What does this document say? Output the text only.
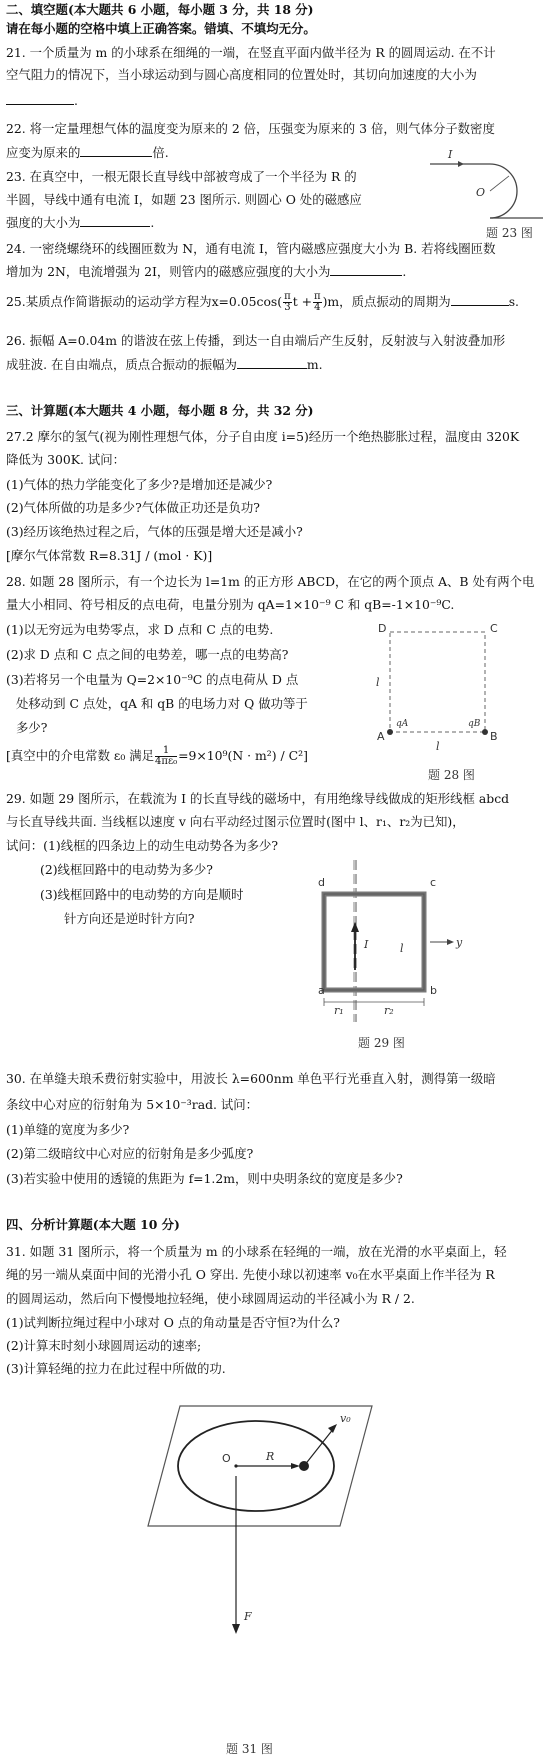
二、填空题(本大题共 6 小题，每小题 3 分，共 18 分)
请在每小题的空格中填上正确答案。错填、不填均无分。
21. 一个质量为 m 的小球系在细绳的一端，在竖直平面内做半径为 R 的圆周运动. 在不计
空气阻力的情况下，当小球运动到与圆心高度相同的位置处时，其切向加速度的大小为
.
22. 将一定量理想气体的温度变为原来的 2 倍，压强变为原来的 3 倍，则气体分子数密度
应变为原来的	倍.
23. 在真空中，一根无限长直导线中部被弯成了一个半径为 R 的
半圆，导线中通有电流 I，如题 23 图所示. 则圆心 O 处的磁感应
强度的大小为	.
I
O
题 23 图
24. 一密绕螺绕环的线圈匝数为 N，通有电流 I，管内磁感应强度大小为 B. 若将线圈匝数
增加为 2N，电流增强为 2I，则管内的磁感应强度的大小为	.
25.某质点作简谐振动的运动学方程为$x=0.05\cos( \frac{\pi}{3}$ $t + \frac{\pi}{4} )m$，质点振动的周期为	s.
26. 振幅 A=0.04m 的谐波在弦上传播，到达一自由端后产生反射，反射波与入射波叠加形
成驻波. 在自由端点，质点合振动的振幅为	m.
三、计算题(本大题共 4 小题，每小题 8 分，共 32 分)
27.2 摩尔的氢气(视为刚性理想气体，分子自由度 i=5)经历一个绝热膨胀过程，温度由 320K
降低为 300K. 试问：
(1)气体的热力学能变化了多少?是增加还是减少?
(2)气体所做的功是多少?气体做正功还是负功?
(3)经历该绝热过程之后，气体的压强是增大还是减小?
[摩尔气体常数 R=8.31J / (mol · K)]
28. 如题 28 图所示，有一个边长为 l=1m 的正方形 ABCD，在它的两个顶点 A、B 处有两个电
量大小相同、符号相反的点电荷，电量分别为 qA=1×10⁻⁹ C 和 qB=-1×10⁻⁹C.
(1)以无穷远为电势零点，求 D 点和 C 点的电势.
(2)求 D 点和 C 点之间的电势差，哪一点的电势高?
(3)若将另一个电量为 Q=2×10⁻⁹C 的点电荷从 D 点
处移动到 C 点处，qA 和 qB 的电场力对 Q 做功等于
多少?
[真空中的介电常数 ε₀ 满足 $\frac{1}{\text{4πε₀}} =9\times 10^9(N \cdot m^2) / C^2$]
D	C
A	B
l
l
qA	qB
题 28 图
29. 如题 29 图所示，在载流为 I 的长直导线的磁场中，有用绝缘导线做成的矩形线框 abcd
与长直导线共面. 当线框以速度 v 向右平动经过图示位置时(图中 l、r₁、r₂为已知)，
试问：(1)线框的四条边上的动生电动势各为多少?
(2)线框回路中的电动势为多少?
(3)线框回路中的电动势的方向是顺时
针方向还是逆时针方向?
d	c
a	b
I	l	y
r₁	r₂
题 29 图
30. 在单缝夫琅禾费衍射实验中，用波长 λ=600nm 单色平行光垂直入射，测得第一级暗
条纹中心对应的衍射角为 5×10⁻³rad. 试问：
(1)单缝的宽度为多少?
(2)第二级暗纹中心对应的衍射角是多少弧度?
(3)若实验中使用的透镜的焦距为 f=1.2m，则中央明条纹的宽度是多少?
四、分析计算题(本大题 10 分)
31. 如题 31 图所示，将一个质量为 m 的小球系在轻绳的一端，放在光滑的水平桌面上，轻
绳的另一端从桌面中间的光滑小孔 O 穿出. 先使小球以初速率 v₀在水平桌面上作半径为 R
的圆周运动，然后向下慢慢地拉轻绳，使小球圆周运动的半径减小为 R / 2.
(1)试判断拉绳过程中小球对 O 点的角动量是否守恒?为什么?
(2)计算末时刻小球圆周运动的速率;
(3)计算轻绳的拉力在此过程中所做的功.
O	R
v₀
F
题 31 图
